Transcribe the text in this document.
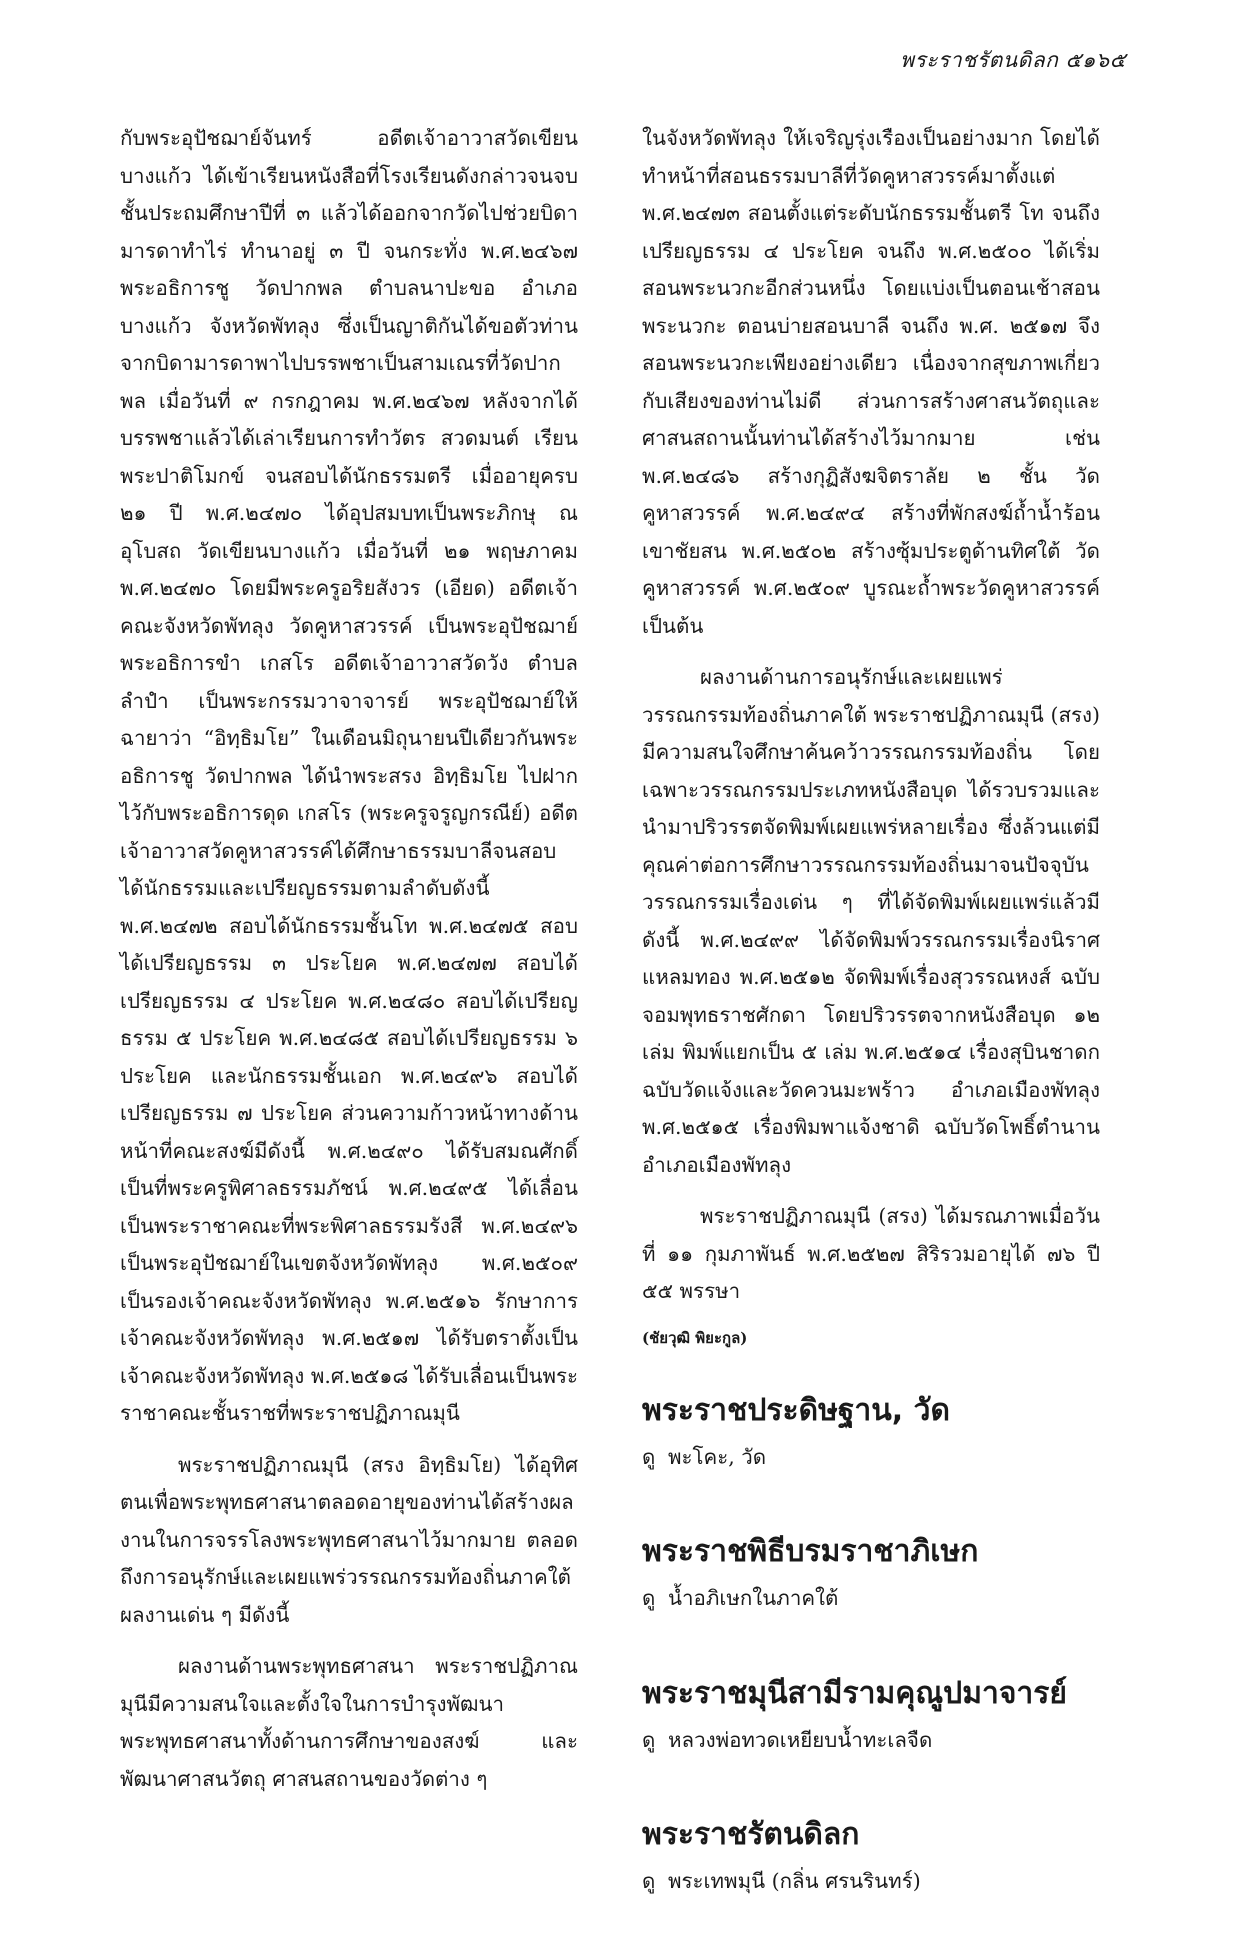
พระราชรัตนดิลก ๕๑๖๕

กับพระอุปัชฌาย์จันทร์ อดีตเจ้าอาวาสวัดเขียนบางแก้ว ได้เข้าเรียนหนังสือที่โรงเรียนดังกล่าวจนจบชั้นประถมศึกษาปีที่ ๓ แล้วได้ออกจากวัดไปช่วยบิดามารดาทำไร่ ทำนาอยู่ ๓ ปี จนกระทั่ง พ.ศ.๒๔๖๗ พระอธิการชู วัดปากพล ตำบลนาปะขอ อำเภอบางแก้ว จังหวัดพัทลุง ซึ่งเป็นญาติกันได้ขอตัวท่านจากบิดามารดาพาไปบรรพชาเป็นสามเณรที่วัดปากพล เมื่อวันที่ ๙ กรกฎาคม พ.ศ.๒๔๖๗ หลังจากได้บรรพชาแล้วได้เล่าเรียนการทำวัตร สวดมนต์ เรียนพระปาติโมกข์ จนสอบได้นักธรรมตรี เมื่ออายุครบ ๒๑ ปี พ.ศ.๒๔๗๐ ได้อุปสมบทเป็นพระภิกษุ ณ อุโบสถ วัดเขียนบางแก้ว เมื่อวันที่ ๒๑ พฤษภาคม พ.ศ.๒๔๗๐ โดยมีพระครูอริยสังวร (เอียด) อดีตเจ้าคณะจังหวัดพัทลุง วัดคูหาสวรรค์ เป็นพระอุปัชฌาย์ พระอธิการขำ เกสโร อดีตเจ้าอาวาสวัดวัง ตำบลลำปำ เป็นพระกรรมวาจาจารย์ พระอุปัชฌาย์ให้ฉายาว่า “อิทฺธิมโย” ในเดือนมิถุนายนปีเดียวกันพระอธิการชู วัดปากพล ได้นำพระสรง อิทฺธิมโย ไปฝากไว้กับพระอธิการดุด เกสโร (พระครูจรูญกรณีย์) อดีตเจ้าอาวาสวัดคูหาสวรรค์ได้ศึกษาธรรมบาลีจนสอบได้นักธรรมและเปรียญธรรมตามลำดับดังนี้ พ.ศ.๒๔๗๒ สอบได้นักธรรมชั้นโท พ.ศ.๒๔๗๕ สอบได้เปรียญธรรม ๓ ประโยค พ.ศ.๒๔๗๗ สอบได้เปรียญธรรม ๔ ประโยค พ.ศ.๒๔๘๐ สอบได้เปรียญธรรม ๕ ประโยค พ.ศ.๒๔๘๕ สอบได้เปรียญธรรม ๖ ประโยค และนักธรรมชั้นเอก พ.ศ.๒๔๙๖ สอบได้เปรียญธรรม ๗ ประโยค ส่วนความก้าวหน้าทางด้านหน้าที่คณะสงฆ์มีดังนี้ พ.ศ.๒๔๙๐ ได้รับสมณศักดิ์เป็นที่พระครูพิศาลธรรมภัชน์ พ.ศ.๒๔๙๕ ได้เลื่อนเป็นพระราชาคณะที่พระพิศาลธรรมรังสี พ.ศ.๒๔๙๖ เป็นพระอุปัชฌาย์ในเขตจังหวัดพัทลุง พ.ศ.๒๕๐๙ เป็นรองเจ้าคณะจังหวัดพัทลุง พ.ศ.๒๕๑๖ รักษาการเจ้าคณะจังหวัดพัทลุง พ.ศ.๒๕๑๗ ได้รับตราตั้งเป็นเจ้าคณะจังหวัดพัทลุง พ.ศ.๒๕๑๘ ได้รับเลื่อนเป็นพระราชาคณะชั้นราชที่พระราชปฏิภาณมุนี

พระราชปฏิภาณมุนี (สรง อิทฺธิมโย) ได้อุทิศตนเพื่อพระพุทธศาสนาตลอดอายุของท่านได้สร้างผลงานในการจรรโลงพระพุทธศาสนาไว้มากมาย ตลอดถึงการอนุรักษ์และเผยแพร่วรรณกรรมท้องถิ่นภาคใต้ ผลงานเด่น ๆ มีดังนี้

ผลงานด้านพระพุทธศาสนา พระราชปฏิภาณมุนีมีความสนใจและตั้งใจในการบำรุงพัฒนาพระพุทธศาสนาทั้งด้านการศึกษาของสงฆ์ และพัฒนาศาสนวัตถุ ศาสนสถานของวัดต่าง ๆ

ในจังหวัดพัทลุง ให้เจริญรุ่งเรืองเป็นอย่างมาก โดยได้ทำหน้าที่สอนธรรมบาลีที่วัดคูหาสวรรค์มาตั้งแต่ พ.ศ.๒๔๗๓ สอนตั้งแต่ระดับนักธรรมชั้นตรี โท จนถึงเปรียญธรรม ๔ ประโยค จนถึง พ.ศ.๒๕๐๐ ได้เริ่มสอนพระนวกะอีกส่วนหนึ่ง โดยแบ่งเป็นตอนเช้าสอนพระนวกะ ตอนบ่ายสอนบาลี จนถึง พ.ศ. ๒๕๑๗ จึงสอนพระนวกะเพียงอย่างเดียว เนื่องจากสุขภาพเกี่ยวกับเสียงของท่านไม่ดี ส่วนการสร้างศาสนวัตถุและศาสนสถานนั้นท่านได้สร้างไว้มากมาย เช่น พ.ศ.๒๔๘๖ สร้างกุฏิสังฆจิตราลัย ๒ ชั้น วัดคูหาสวรรค์ พ.ศ.๒๔๙๔ สร้างที่พักสงฆ์ถ้ำน้ำร้อน เขาชัยสน พ.ศ.๒๕๐๒ สร้างซุ้มประตูด้านทิศใต้ วัดคูหาสวรรค์ พ.ศ.๒๕๐๙ บูรณะถ้ำพระวัดคูหาสวรรค์ เป็นต้น

ผลงานด้านการอนุรักษ์และเผยแพร่วรรณกรรมท้องถิ่นภาคใต้ พระราชปฏิภาณมุนี (สรง) มีความสนใจศึกษาค้นคว้าวรรณกรรมท้องถิ่น โดยเฉพาะวรรณกรรมประเภทหนังสือบุด ได้รวบรวมและนำมาปริวรรตจัดพิมพ์เผยแพร่หลายเรื่อง ซึ่งล้วนแต่มีคุณค่าต่อการศึกษาวรรณกรรมท้องถิ่นมาจนปัจจุบัน วรรณกรรมเรื่องเด่น ๆ ที่ได้จัดพิมพ์เผยแพร่แล้วมีดังนี้ พ.ศ.๒๔๙๙ ได้จัดพิมพ์วรรณกรรมเรื่องนิราศแหลมทอง พ.ศ.๒๕๑๒ จัดพิมพ์เรื่องสุวรรณหงส์ ฉบับจอมพุทธราชศักดา โดยปริวรรตจากหนังสือบุด ๑๒ เล่ม พิมพ์แยกเป็น ๕ เล่ม พ.ศ.๒๕๑๔ เรื่องสุบินชาดกฉบับวัดแจ้งและวัดควนมะพร้าว อำเภอเมืองพัทลุง พ.ศ.๒๕๑๕ เรื่องพิมพาแจ้งชาดิ ฉบับวัดโพธิ์ตำนาน อำเภอเมืองพัทลุง

พระราชปฏิภาณมุนี (สรง) ได้มรณภาพเมื่อวันที่ ๑๑ กุมภาพันธ์ พ.ศ.๒๕๒๗ สิริรวมอายุได้ ๗๖ ปี ๕๕ พรรษา

(ชัยวุฒิ พิยะกูล)

พระราชประดิษฐาน, วัด

ดู พะโคะ, วัด

พระราชพิธีบรมราชาภิเษก

ดู น้ำอภิเษกในภาคใต้

พระราชมุนีสามีรามคุณูปมาจารย์

ดู หลวงพ่อทวดเหยียบน้ำทะเลจืด

พระราชรัตนดิลก

ดู พระเทพมุนี (กลิ่น ศรนรินทร์)
